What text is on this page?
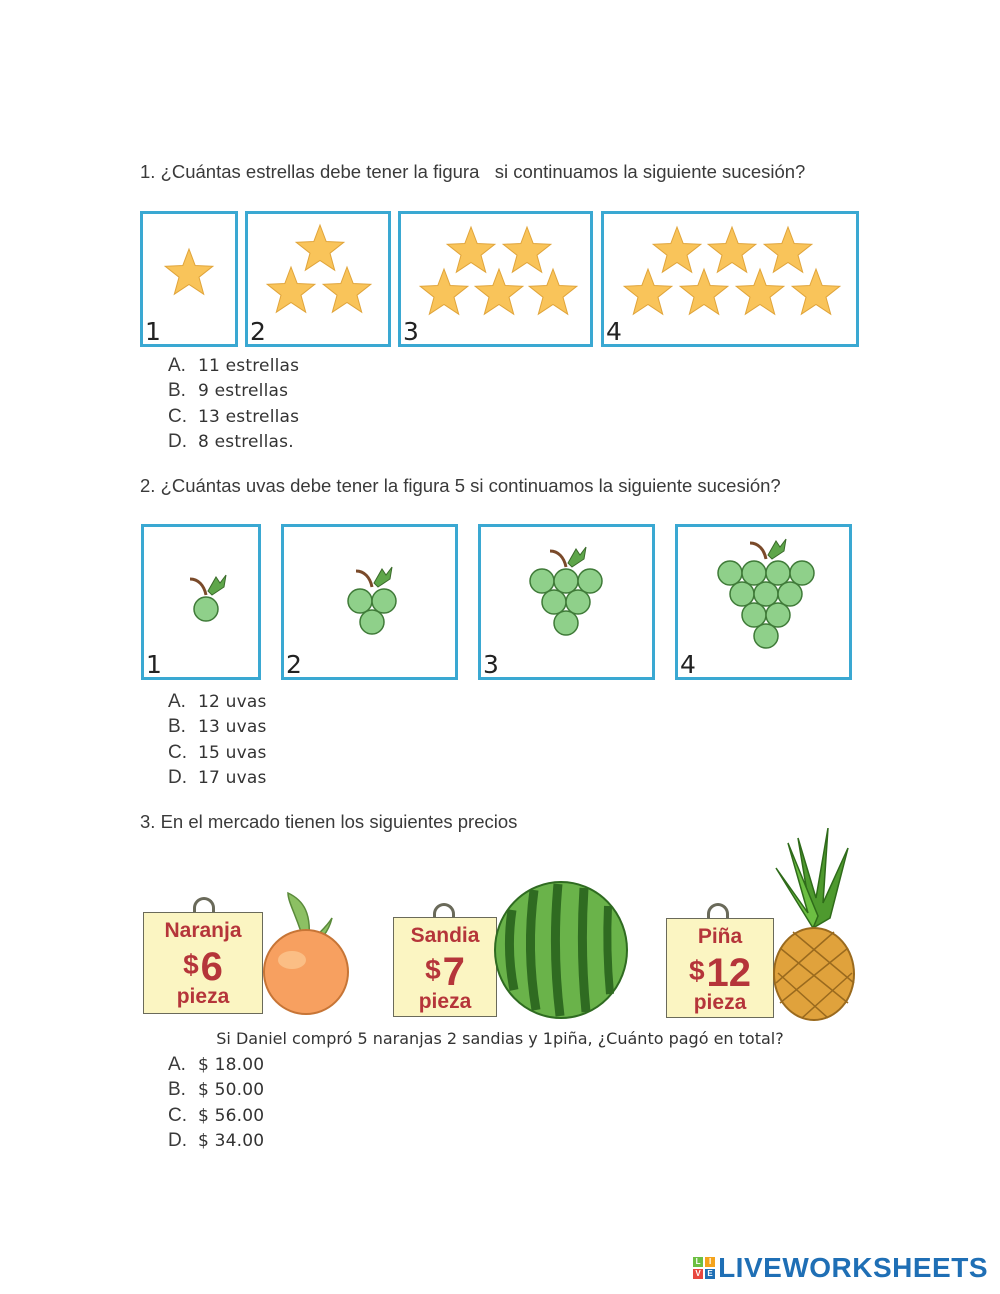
1. ¿Cuántas estrellas debe tener la figura   si continuamos la siguiente sucesión?
1	2	3	4
A. 11 estrellas
B. 9 estrellas
C. 13 estrellas
D. 8 estrellas.
2. ¿Cuántas uvas debe tener la figura 5 si continuamos la siguiente sucesión?
1	2	3	4
A. 12 uvas
B. 13 uvas
C. 15 uvas
D. 17 uvas
3. En el mercado tienen los siguientes precios
Naranja
$6
pieza
Sandia
$7
pieza
Piña
$12
pieza
Si Daniel compró 5 naranjas 2 sandias y 1piña, ¿Cuánto pagó en total?
A. $ 18.00
B. $ 50.00
C. $ 56.00
D. $ 34.00
L	I
V E LIVEWORKSHEETS
